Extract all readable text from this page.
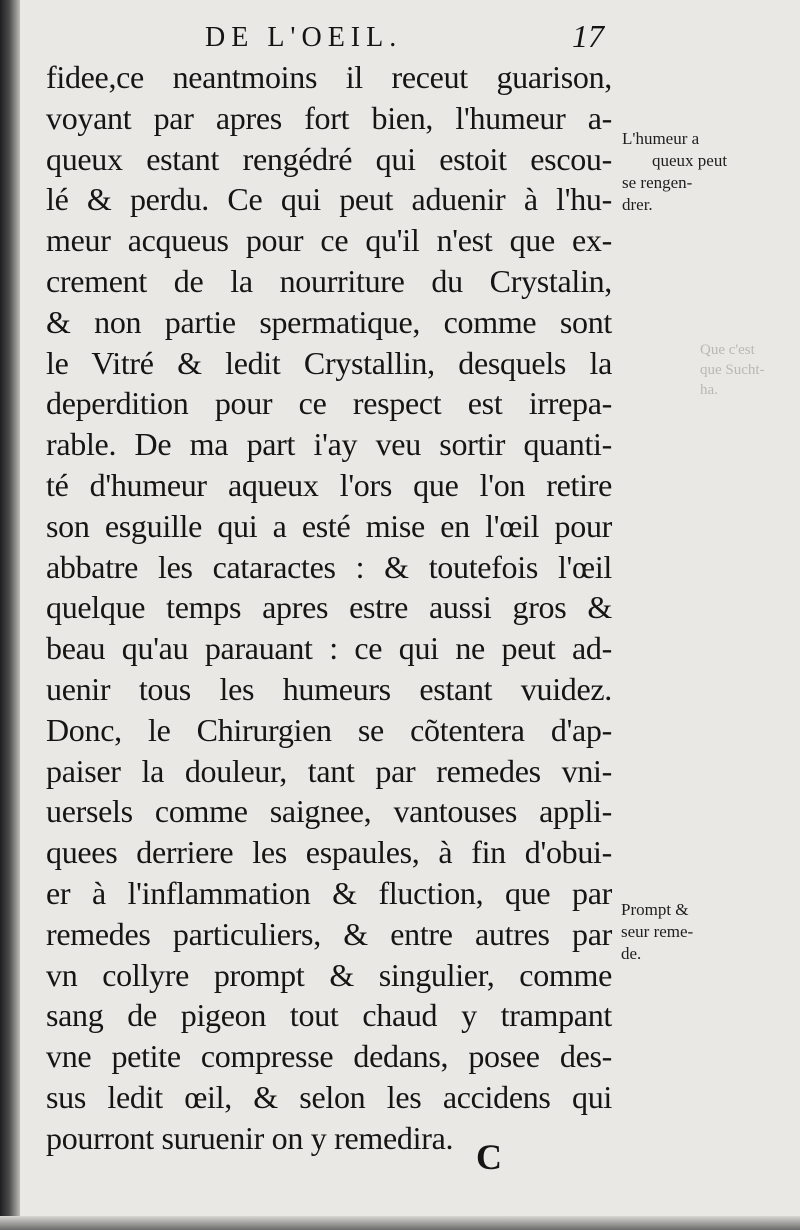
DE L'OEIL.	17
Que c'est
que Sucht-
ha.
fidee,ce neantmoins il receut guarison,
voyant par apres fort bien, l'humeur a-
queux estant rengédré qui estoit escou-
lé & perdu. Ce qui peut aduenir à l'hu-
meur acqueus pour ce qu'il n'est que ex-
crement de la nourriture du Crystalin,
& non partie spermatique, comme sont
le Vitré & ledit Crystallin, desquels la
deperdition pour ce respect est irrepa-
rable. De ma part i'ay veu sortir quanti-
té d'humeur aqueux l'ors que l'on retire
son esguille qui a esté mise en l'œil pour
abbatre les cataractes : & toutefois l'œil
quelque temps apres estre aussi gros &
beau qu'au parauant : ce qui ne peut ad-
uenir tous les humeurs estant vuidez.
Donc, le Chirurgien se cõtentera d'ap-
paiser la douleur, tant par remedes vni-
uersels comme saignee, vantouses appli-
quees derriere les espaules, à fin d'obui-
er à l'inflammation & fluction, que par
remedes particuliers, & entre autres par
vn collyre prompt & singulier, comme
sang de pigeon tout chaud y trampant
vne petite compresse dedans, posee des-
sus ledit œil, & selon les accidens qui
pourront suruenir on y remedira.
L'humeur a
queux peut
se rengen-
drer.
Prompt &
seur reme-
de.
C
